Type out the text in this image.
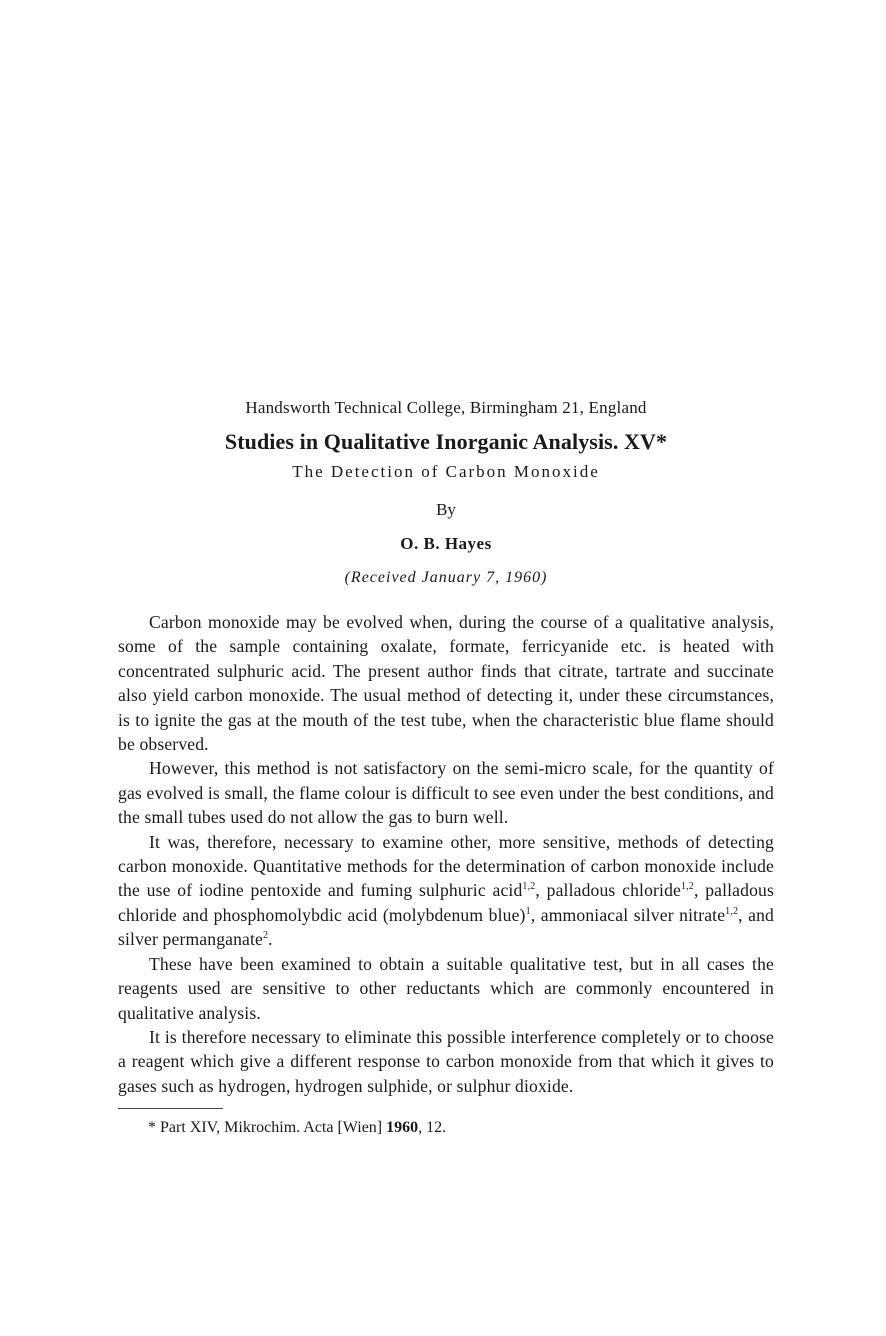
Handsworth Technical College, Birmingham 21, England

Studies in Qualitative Inorganic Analysis. XV*

The Detection of Carbon Monoxide

By

O. B. Hayes

(Received January 7, 1960)

Carbon monoxide may be evolved when, during the course of a qualitative analysis, some of the sample containing oxalate, formate, ferricyanide etc. is heated with concentrated sulphuric acid. The present author finds that citrate, tartrate and succinate also yield carbon monoxide. The usual method of detecting it, under these circumstances, is to ignite the gas at the mouth of the test tube, when the characteristic blue flame should be observed.

However, this method is not satisfactory on the semi-micro scale, for the quantity of gas evolved is small, the flame colour is difficult to see even under the best conditions, and the small tubes used do not allow the gas to burn well.

It was, therefore, necessary to examine other, more sensitive, methods of detecting carbon monoxide. Quantitative methods for the determination of carbon monoxide include the use of iodine pentoxide and fuming sulphuric acid$^{1,2}$, palladous chloride$^{1,2}$, palladous chloride and phosphomolybdic acid (molybdenum blue)$^1$, ammoniacal silver nitrate$^{1,2}$, and silver permanganate$^2$.

These have been examined to obtain a suitable qualitative test, but in all cases the reagents used are sensitive to other reductants which are commonly encountered in qualitative analysis.

It is therefore necessary to eliminate this possible interference completely or to choose a reagent which give a different response to carbon monoxide from that which it gives to gases such as hydrogen, hydrogen sulphide, or sulphur dioxide.

* Part XIV, Mikrochim. Acta [Wien] 1960, 12.
